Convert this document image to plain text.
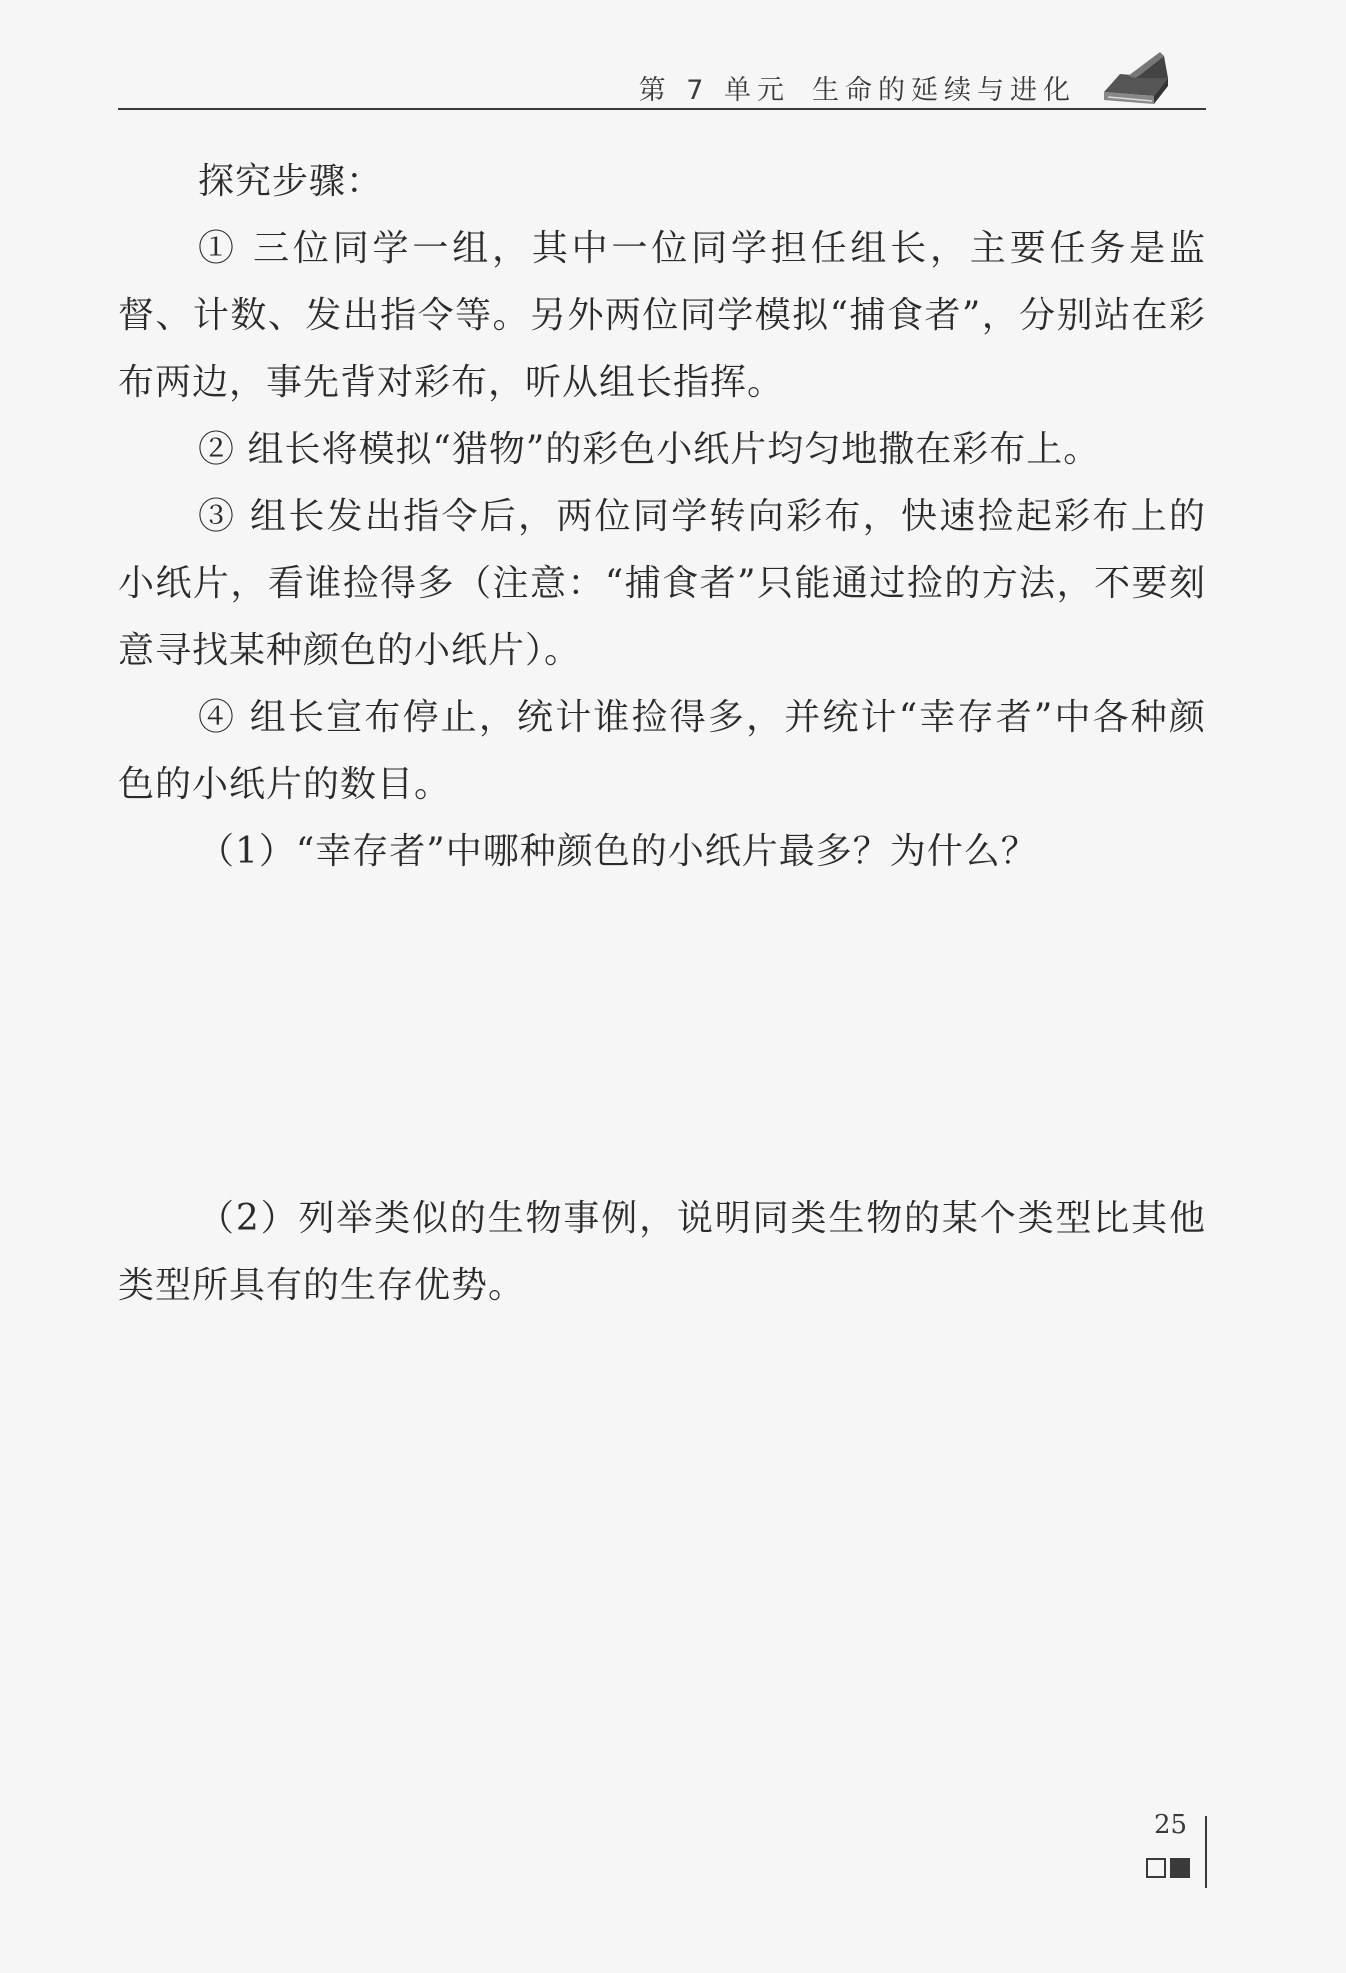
第 7 单元 生命的延续与进化

探究步骤：

① 三位同学一组，其中一位同学担任组长，主要任务是监督、计数、发出指令等。另外两位同学模拟“捕食者”，分别站在彩布两边，事先背对彩布，听从组长指挥。

② 组长将模拟“猎物”的彩色小纸片均匀地撒在彩布上。

③ 组长发出指令后，两位同学转向彩布，快速捡起彩布上的小纸片，看谁捡得多（注意：“捕食者”只能通过捡的方法，不要刻意寻找某种颜色的小纸片）。

④ 组长宣布停止，统计谁捡得多，并统计“幸存者”中各种颜色的小纸片的数目。

（1）“幸存者”中哪种颜色的小纸片最多？为什么？

（2）列举类似的生物事例，说明同类生物的某个类型比其他类型所具有的生存优势。

25
